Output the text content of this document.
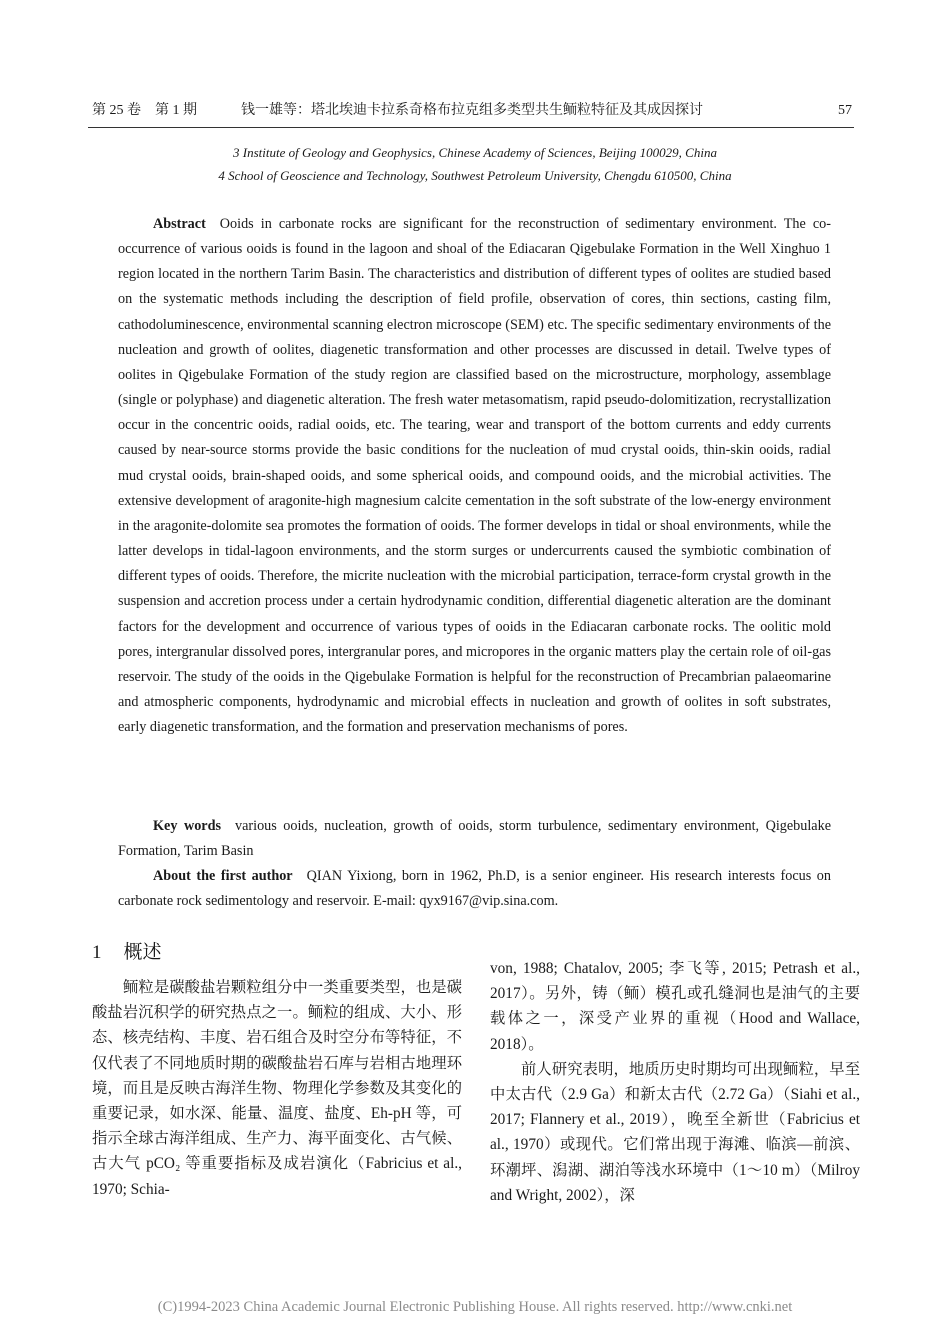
第 25 卷　第 1 期	钱一雄等：塔北埃迪卡拉系奇格布拉克组多类型共生鲕粒特征及其成因探讨	57
3 Institute of Geology and Geophysics, Chinese Academy of Sciences, Beijing 100029, China
4 School of Geoscience and Technology, Southwest Petroleum University, Chengdu 610500, China

Abstract Ooids in carbonate rocks are significant for the reconstruction of sedimentary environment. The co-occurrence of various ooids is found in the lagoon and shoal of the Ediacaran Qigebulake Formation in the Well Xinghuo 1 region located in the northern Tarim Basin. The characteristics and distribution of different types of oolites are studied based on the systematic methods including the description of field profile, observation of cores, thin sections, casting film, cathodoluminescence, environmental scanning electron microscope (SEM) etc. The specific sedimentary environments of the nucleation and growth of oolites, diagenetic transformation and other processes are discussed in detail. Twelve types of oolites in Qigebulake Formation of the study region are classified based on the microstructure, morphology, assemblage (single or polyphase) and diagenetic alteration. The fresh water metasomatism, rapid pseudo-dolomitization, recrystallization occur in the concentric ooids, radial ooids, etc. The tearing, wear and transport of the bottom currents and eddy currents caused by near-source storms provide the basic conditions for the nucleation of mud crystal ooids, thin-skin ooids, radial mud crystal ooids, brain-shaped ooids, and some spherical ooids, and compound ooids, and the microbial activities. The extensive development of aragonite-high magnesium calcite cementation in the soft substrate of the low-energy environment in the aragonite-dolomite sea promotes the formation of ooids. The former develops in tidal or shoal environments, while the latter develops in tidal-lagoon environments, and the storm surges or undercurrents caused the symbiotic combination of different types of ooids. Therefore, the micrite nucleation with the microbial participation, terrace-form crystal growth in the suspension and accretion process under a certain hydrodynamic condition, differential diagenetic alteration are the dominant factors for the development and occurrence of various types of ooids in the Ediacaran carbonate rocks. The oolitic mold pores, intergranular dissolved pores, intergranular pores, and micropores in the organic matters play the certain role of oil-gas reservoir. The study of the ooids in the Qigebulake Formation is helpful for the reconstruction of Precambrian palaeomarine and atmospheric components, hydrodynamic and microbial effects in nucleation and growth of oolites in soft substrates, early diagenetic transformation, and the formation and preservation mechanisms of pores.

Key words various ooids, nucleation, growth of ooids, storm turbulence, sedimentary environment, Qigebulake Formation, Tarim Basin

About the first author QIAN Yixiong, born in 1962, Ph.D, is a senior engineer. His research interests focus on carbonate rock sedimentology and reservoir. E-mail: qyx9167@vip.sina.com.

1 概述

鲕粒是碳酸盐岩颗粒组分中一类重要类型，也是碳酸盐岩沉积学的研究热点之一。鲕粒的组成、大小、形态、核壳结构、丰度、岩石组合及时空分布等特征，不仅代表了不同地质时期的碳酸盐岩石库与岩相古地理环境，而且是反映古海洋生物、物理化学参数及其变化的重要记录，如水深、能量、温度、盐度、Eh-pH 等，可指示全球古海洋组成、生产力、海平面变化、古气候、古大气 pCO₂ 等重要指标及成岩演化（Fabricius et al., 1970; Schia-

von, 1988; Chatalov, 2005; 李飞等, 2015; Petrash et al., 2017）。另外，铸（鲕）模孔或孔缝洞也是油气的主要载体之一，深受产业界的重视（Hood and Wallace, 2018）。

前人研究表明，地质历史时期均可出现鲕粒，早至中太古代（2.9 Ga）和新太古代（2.72 Ga）（Siahi et al., 2017; Flannery et al., 2019），晚至全新世（Fabricius et al., 1970）或现代。它们常出现于海滩、临滨—前滨、环潮坪、潟湖、湖泊等浅水环境中（1～10 m）（Milroy and Wright, 2002），深

(C)1994-2023 China Academic Journal Electronic Publishing House. All rights reserved. http://www.cnki.net
